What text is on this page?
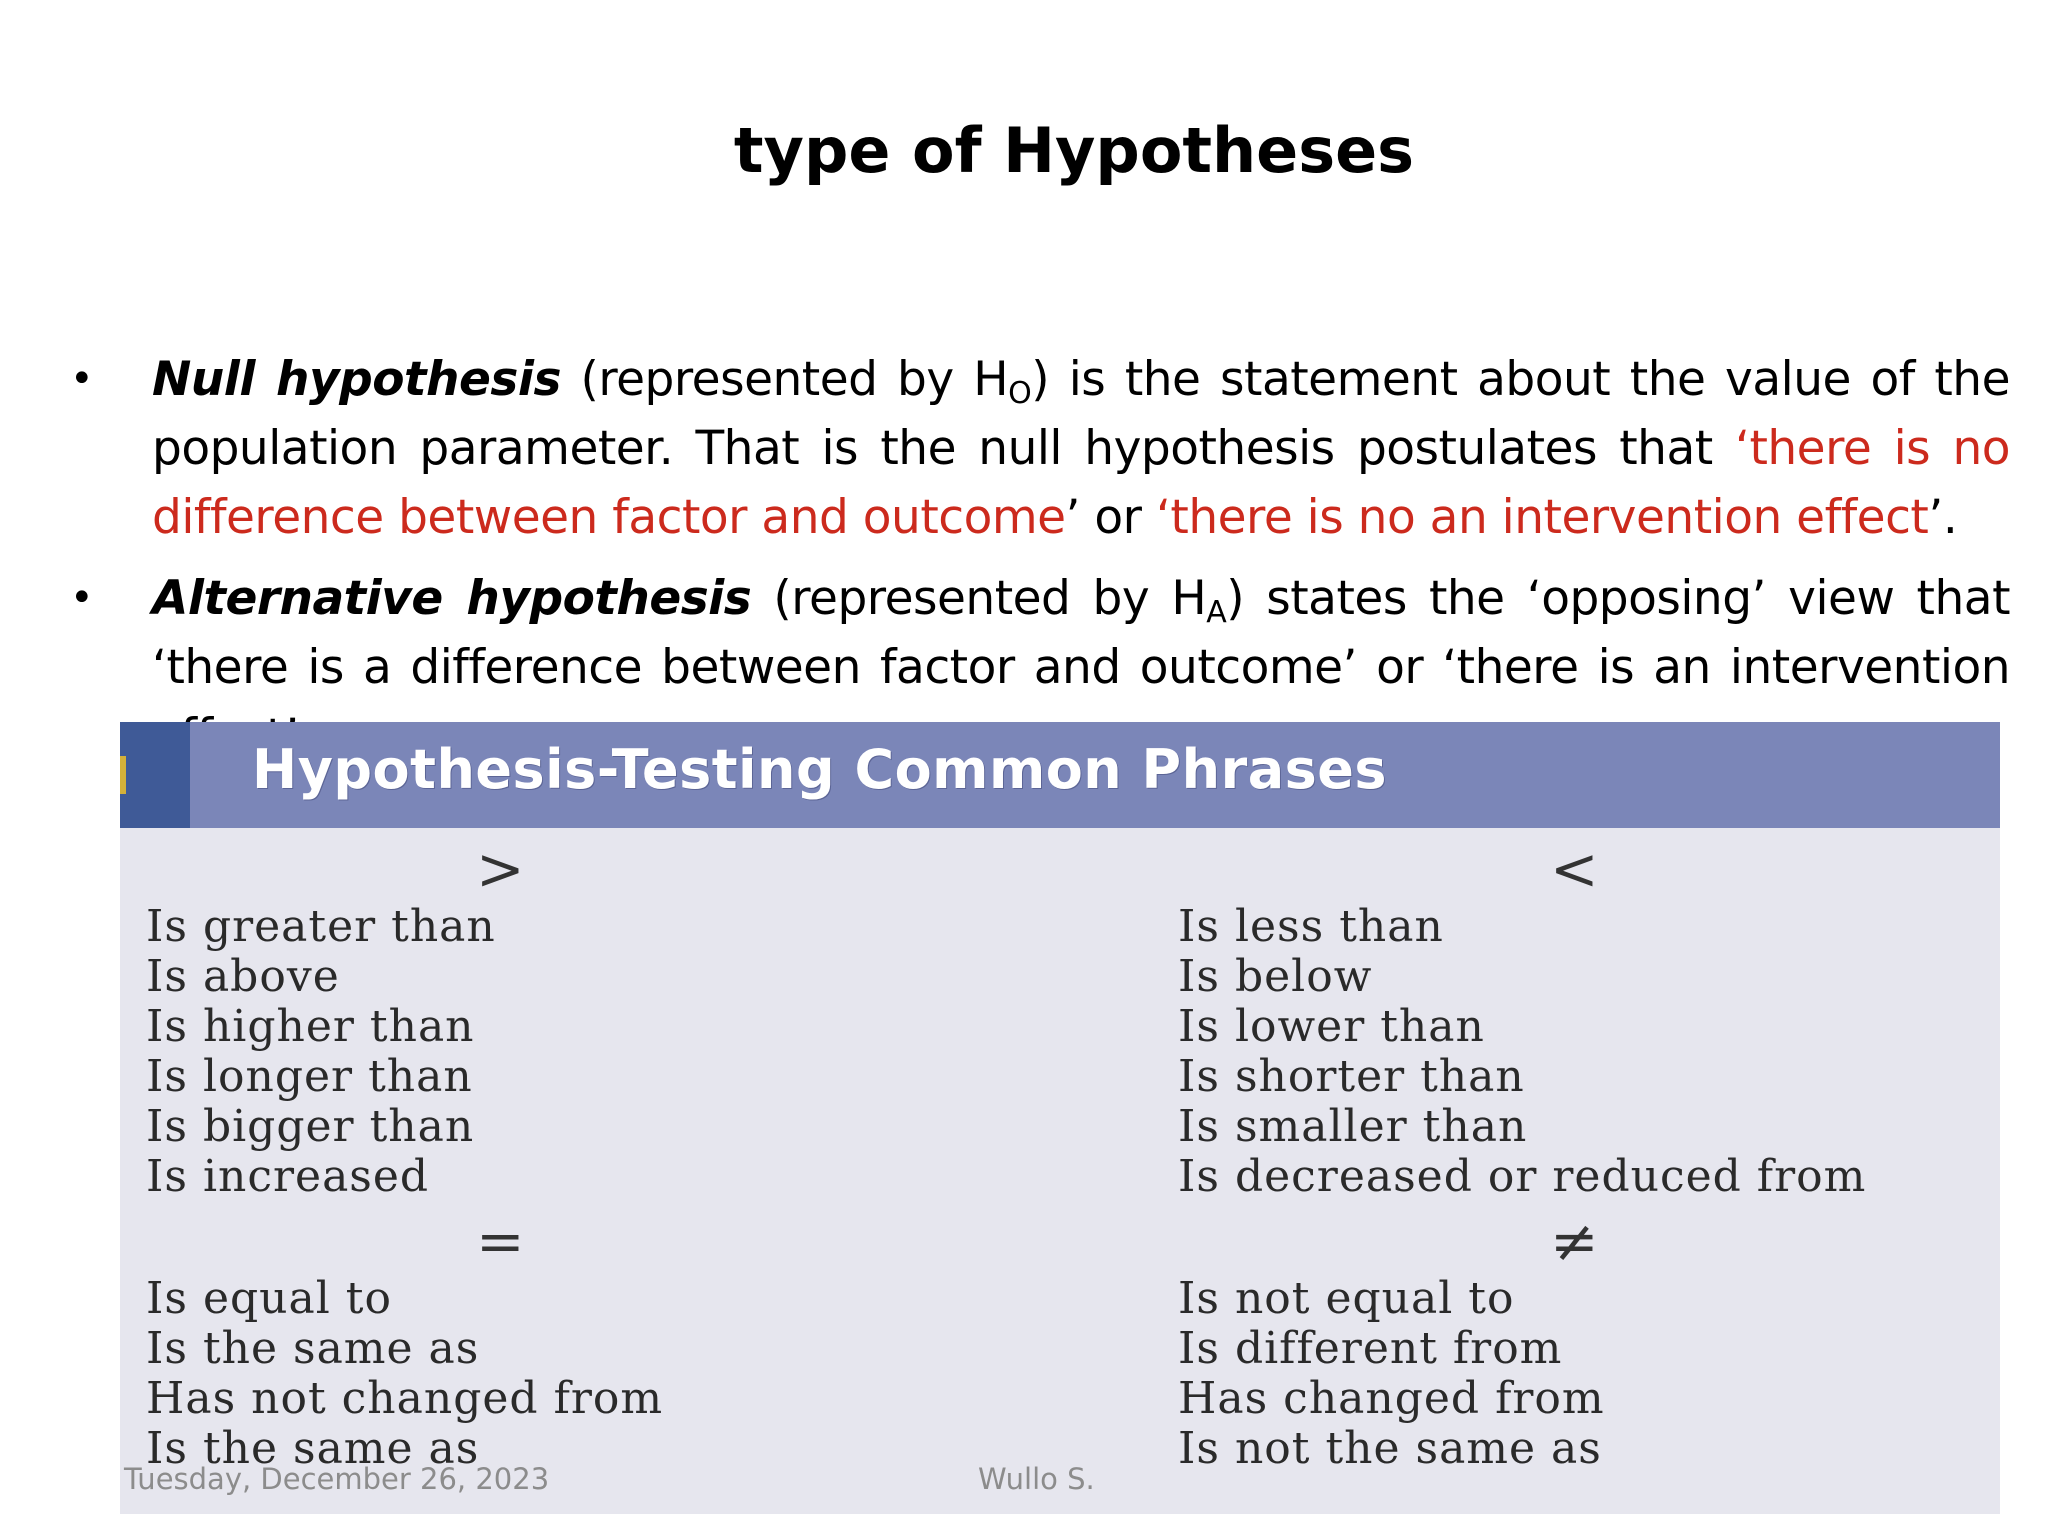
type of Hypotheses
•	Null hypothesis (represented by $H_O$) is the statement about the value of the population parameter. That is the null hypothesis postulates that ‘there is no difference between factor and outcome’ or ‘there is no an intervention effect’.
•	Alternative hypothesis (represented by $H_A$) states the ‘opposing’ view that ‘there is a difference between factor and outcome’ or ‘there is an intervention
Hypothesis-Testing Common Phrases
>
Is greater than
Is above
Is higher than
Is longer than
Is bigger than
Is increased
=
Is equal to
Is the same as
Has not changed from
Is the same as
<
Is less than
Is below
Is lower than
Is shorter than
Is smaller than
Is decreased or reduced from
≠
Is not equal to
Is different from
Has changed from
Is not the same as
Tuesday, December 26, 2023	Wullo S.
